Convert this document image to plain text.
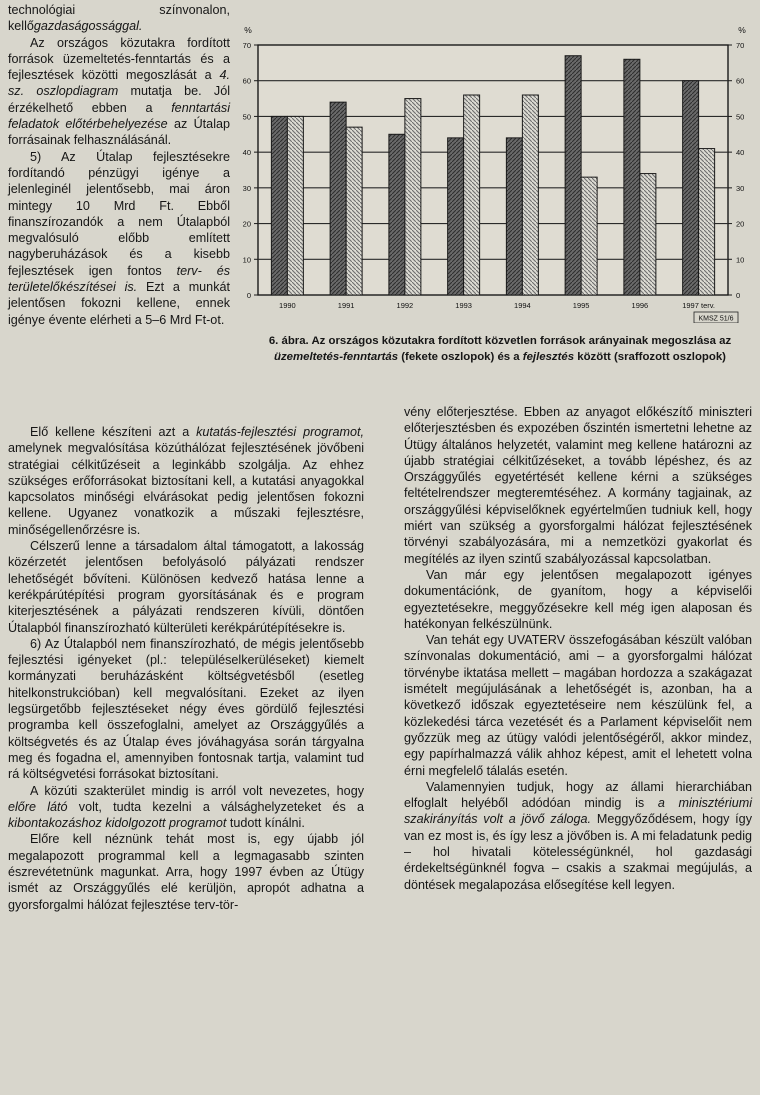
technológiai színvonalon, kellőgazdaságossággal.

Az országos közutakra fordított források üzemeltetés-fenntartás és a fejlesztések közötti megoszlását a 4. sz. oszlopdiagram mutatja be. Jól érzékelhető ebben a fenntartási feladatok előtérbehelyezése az Útalap forrásainak felhasználásánál.

5) Az Útalap fejlesztésekre fordítandó pénzügyi igénye a jelenleginél jelentősebb, mai áron mintegy 10 Mrd Ft. Ebből finanszírozandók a nem Útalapból megvalósuló előbb említett nagyberuházások és a kisebb fejlesztések igen fontos terv- és területelőkészítései is. Ezt a munkát jelentősen fokozni kellene, ennek igénye évente elérheti a 5–6 Mrd Ft-ot.

0	0
10	10
20	20
30	30
40	40
50	50
60	60
70	70
%	%
1990	1991	1992	1993	1994	1995	1996	1997 terv.
KMSZ 51/6
6. ábra. Az országos közutakra fordított közvetlen források arányainak megoszlása az üzemeltetés-fenntartás (fekete oszlopok) és a fejlesztés között (sraffozott oszlopok)

Elő kellene készíteni azt a kutatás-fejlesztési programot, amelynek megvalósítása közúthálózat fejlesztésének jövőbeni stratégiai célkitűzéseit a leginkább szolgálja. Az ehhez szükséges erőforrásokat biztosítani kell, a kutatási anyagokkal kapcsolatos minőségi elvárásokat pedig jelentősen fokozni kellene. Ugyanez vonatkozik a műszaki fejlesztésre, minőségellenőrzésre is.

Célszerű lenne a társadalom által támogatott, a lakosság közérzetét jelentősen befolyásoló pályázati rendszer lehetőségét bővíteni. Különösen kedvező hatása lenne a kerékpárútépítési program gyorsításának és e program kiterjesztésének a pályázati rendszeren kívüli, döntően Útalapból finanszírozható külterületi kerékpárútépítésekre is.

6) Az Útalapból nem finanszírozható, de mégis jelentősebb fejlesztési igényeket (pl.: településelkerüléseket) kiemelt kormányzati beruházásként költségvetésből (esetleg hitelkonstrukcióban) kell megvalósítani. Ezeket az ilyen legsürgetőbb fejlesztéseket négy éves gördülő fejlesztési programba kell összefoglalni, amelyet az Országgyűlés a költségvetés és az Útalap éves jóváhagyása során tárgyalna meg és fogadna el, amennyiben fontosnak tartja, valamint tud rá költségvetési forrásokat biztosítani.

A közúti szakterület mindig is arról volt nevezetes, hogy előre látó volt, tudta kezelni a válsághelyzeteket és a kibontakozáshoz kidolgozott programot tudott kínálni.

Előre kell néznünk tehát most is, egy újabb jól megalapozott programmal kell a legmagasabb szinten észrevétetnünk magunkat. Arra, hogy 1997 évben az Útügy ismét az Országgyűlés elé kerüljön, apropót adhatna a gyorsforgalmi hálózat fejlesztése terv-tör-

vény előterjesztése. Ebben az anyagot előkészítő miniszteri előterjesztésben és expozében őszintén ismertetni lehetne az Útügy általános helyzetét, valamint meg kellene határozni az újabb stratégiai célkitűzéseket, a tovább lépéshez, és az Országgyűlés egyetértését kellene kérni a szükséges feltételrendszer megteremtéséhez. A kormány tagjainak, az országgyűlési képviselőknek egyértelműen tudniuk kell, hogy miért van szükség a gyorsforgalmi hálózat fejlesztésének törvényi szabályozására, mi a nemzetközi gyakorlat és megítélés az ilyen szintű szabályozással kapcsolatban.

Van már egy jelentősen megalapozott igényes dokumentációnk, de gyanítom, hogy a képviselői egyeztetésekre, meggyőzésekre kell még igen alaposan és hatékonyan felkészülnünk.

Van tehát egy UVATERV összefogásában készült valóban színvonalas dokumentáció, ami – a gyorsforgalmi hálózat törvénybe iktatása mellett – magában hordozza a szakágazat ismételt megújulásának a lehetőségét is, azonban, ha a következő időszak egyeztetéseire nem készülünk fel, a közlekedési tárca vezetését és a Parlament képviselőit nem győzzük meg az útügy valódi jelentőségéről, akkor mindez, egy papírhalmazzá válik ahhoz képest, amit el lehetett volna érni megfelelő tálalás esetén.

Valamennyien tudjuk, hogy az állami hierarchiában elfoglalt helyéből adódóan mindig is a minisztériumi szakirányítás volt a jövő záloga. Meggyőződésem, hogy így van ez most is, és így lesz a jövőben is. A mi feladatunk pedig – hol hivatali kötelességünknél, hol gazdasági érdekeltségünknél fogva – csakis a szakmai megújulás, a döntések megalapozása elősegítése kell legyen.
